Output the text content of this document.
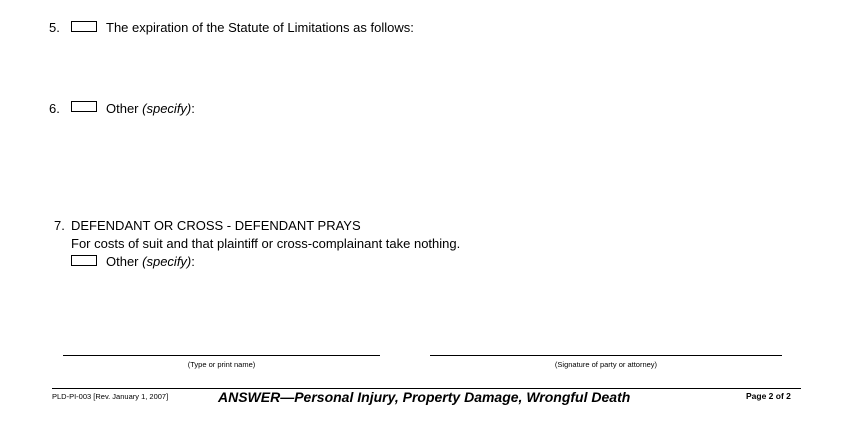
5.	The expiration of the Statute of Limitations as follows:
6.	Other (specify):
7. DEFENDANT OR CROSS - DEFENDANT PRAYS
For costs of suit and that plaintiff or cross-complainant take nothing.
Other (specify):
(Type or print name)	(Signature of party or attorney)
PLD-PI-003 [Rev. January 1, 2007]	ANSWER—Personal Injury, Property Damage, Wrongful Death	Page 2 of 2
